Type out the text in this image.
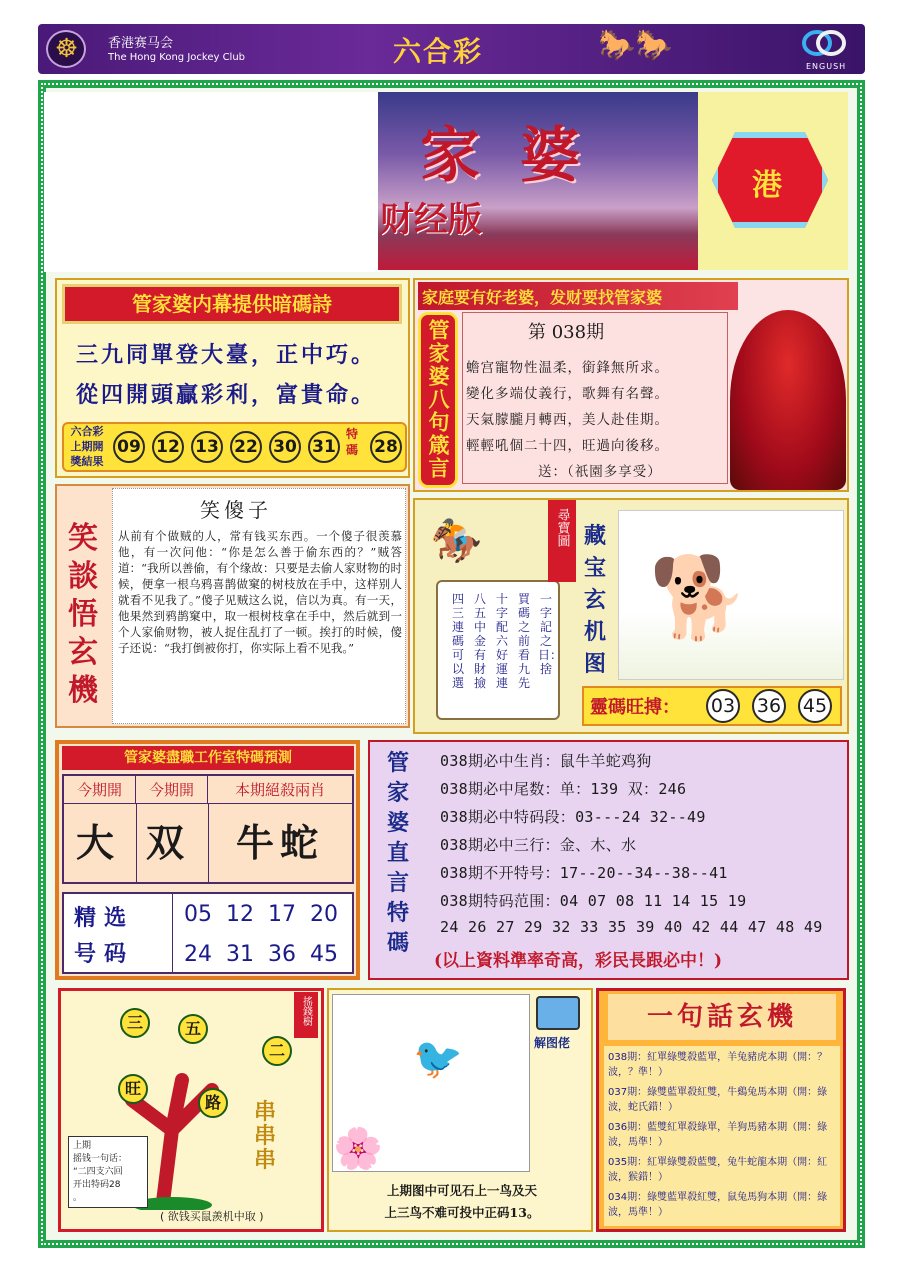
☸
香港赛马会
The Hong Kong Jockey Club	六合彩	🐎🐎
ENGUSH
家婆
财经版
港
管家婆内幕提供暗碼詩
三九同單登大臺，正中巧。
從四開頭贏彩利，富貴命。
六合彩
上期開
獎結果
09 12 13 22 30 31
特碼 28
家庭要有好老婆，发财要找管家婆
管家婆八句箴言	第 038期
蟾宫寵物性温柔，銜鋒無所求。
變化多端仗義行，歌舞有名聲。
天氣朦朧月轉西，美人赴佳期。
輕輕吼個二十四，旺過向後移。
送：（祇園多享受）
笑談悟玄機
笑傻子
从前有个做贼的人，常有钱买东西。一个傻子很羡慕他，有一次问他：“你是怎么善于偷东西的？”贼答道：“我所以善偷，有个缘故：只要是去偷人家财物的时候，便拿一根乌鸦喜鹊做窠的树枝放在手中，这样别人就看不见我了。”傻子见贼这么说，信以为真。有一天，他果然到鸦鹊窠中，取一根树枝拿在手中，然后就到一个人家偷财物，被人捉住乱打了一顿。挨打的时候，傻子还说：“我打倒被你打，你实际上看不见我。”
🏇
一字記之日：捨
買碼之前看九先
十字配六好運連
八五中金有財撿
四三連碼可以選
尋寶圖 藏宝玄机图
🐕
靈碼旺搏： 03 36 45
管家婆盡職工作室特碼預測
今期開	今期開	本期絕殺兩肖
大 双 牛蛇
精选号码
05 12 17 20
24 31 36 45
管家婆直言特碼
038期必中生肖：鼠牛羊蛇鸡狗
038期必中尾数：单：139 双：246
038期必中特码段：03---24 32--49
038期必中三行：金、木、水
038期不开特号：17--20--34--38--41
038期特码范围：04 07 08 11 14 15 19
24 26 27 29 32 33 35 39 40 42 44 47 48 49
(以上資料準率奇高，彩民長跟必中！)
三	五
二
旺
路
搖錢樹
串串串
上期
摇钱一句话：
“二四支六回
开出特码28
。
( 欲钱买鼠羨机中取 )
🐦
🌸
解图佬
上期图中可见石上一鸟及天
上三鸟不难可投中正码13。
一句話玄機
038期：紅單綠雙殺藍單，羊兔豬虎本期（開：？波，？準！）
037期：綠雙藍單殺紅雙，牛鷄兔馬本期（開：綠波，蛇氏錯！）
036期：藍雙紅單殺綠單，羊狗馬豬本期（開：綠波，馬準！）
035期：紅單綠雙殺藍雙，兔牛蛇龍本期（開：紅波，猴錯！）
034期：綠雙藍單殺紅雙，鼠兔馬狗本期（開：綠波，馬準！）
